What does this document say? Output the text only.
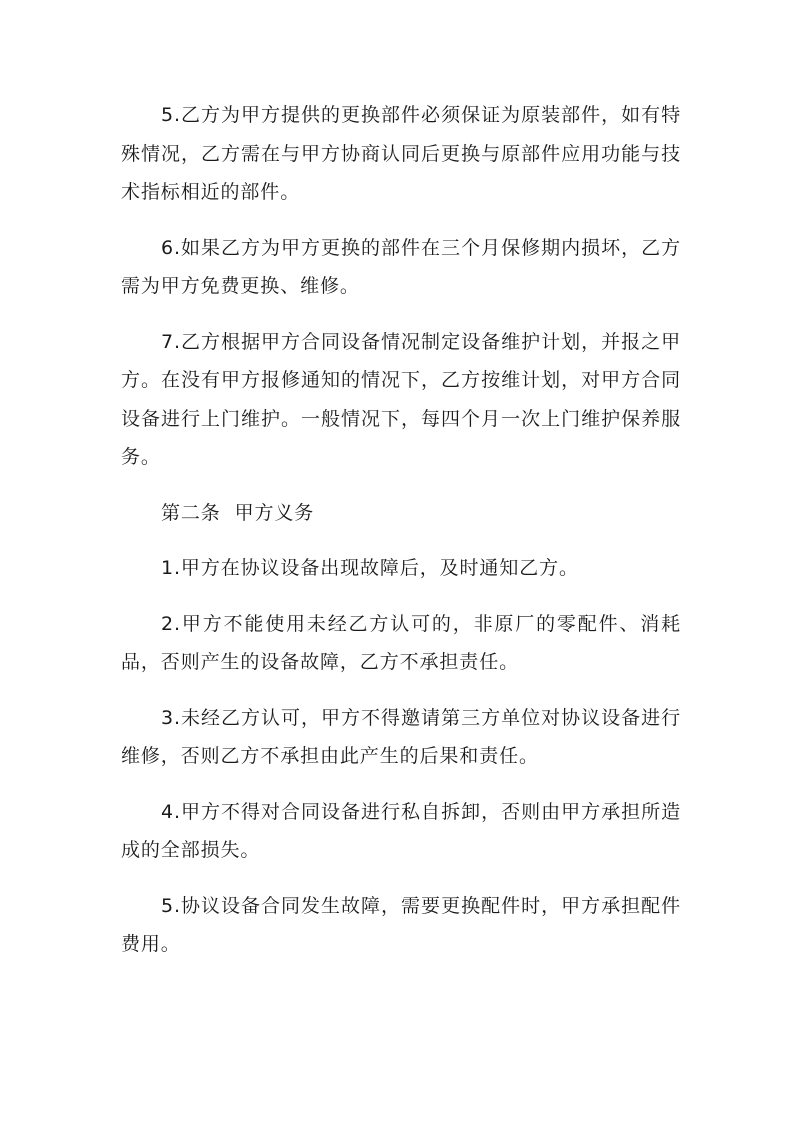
5.乙方为甲方提供的更换部件必须保证为原装部件，如有特殊情况，乙方需在与甲方协商认同后更换与原部件应用功能与技术指标相近的部件。

6.如果乙方为甲方更换的部件在三个月保修期内损坏，乙方需为甲方免费更换、维修。

7.乙方根据甲方合同设备情况制定设备维护计划，并报之甲方。在没有甲方报修通知的情况下，乙方按维计划，对甲方合同设备进行上门维护。一般情况下，每四个月一次上门维护保养服务。

第二条  甲方义务

1.甲方在协议设备出现故障后，及时通知乙方。

2.甲方不能使用未经乙方认可的，非原厂的零配件、消耗品，否则产生的设备故障，乙方不承担责任。

3.未经乙方认可，甲方不得邀请第三方单位对协议设备进行维修，否则乙方不承担由此产生的后果和责任。

4.甲方不得对合同设备进行私自拆卸，否则由甲方承担所造成的全部损失。

5.协议设备合同发生故障，需要更换配件时，甲方承担配件费用。
